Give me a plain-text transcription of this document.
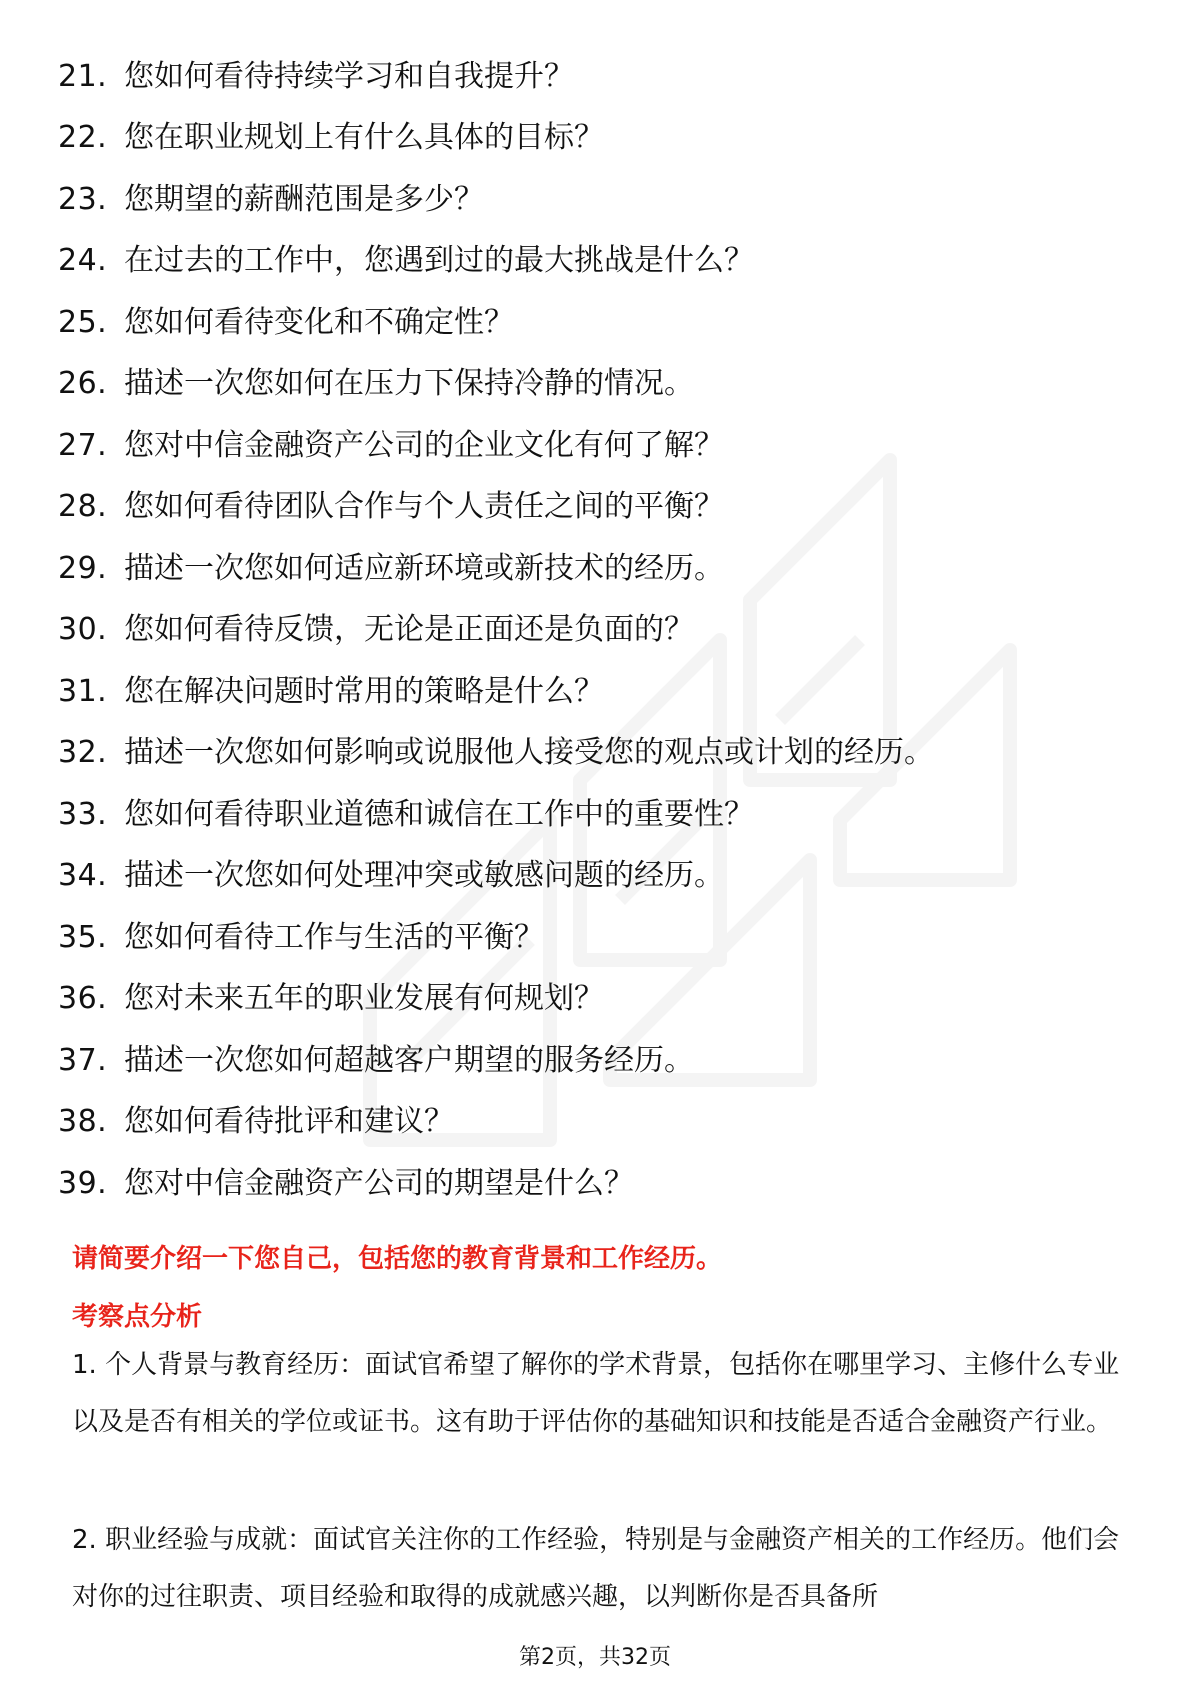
21. 您如何看待持续学习和自我提升？
22. 您在职业规划上有什么具体的目标？
23. 您期望的薪酬范围是多少？
24. 在过去的工作中，您遇到过的最大挑战是什么？
25. 您如何看待变化和不确定性？
26. 描述一次您如何在压力下保持冷静的情况。
27. 您对中信金融资产公司的企业文化有何了解？
28. 您如何看待团队合作与个人责任之间的平衡？
29. 描述一次您如何适应新环境或新技术的经历。
30. 您如何看待反馈，无论是正面还是负面的？
31. 您在解决问题时常用的策略是什么？
32. 描述一次您如何影响或说服他人接受您的观点或计划的经历。
33. 您如何看待职业道德和诚信在工作中的重要性？
34. 描述一次您如何处理冲突或敏感问题的经历。
35. 您如何看待工作与生活的平衡？
36. 您对未来五年的职业发展有何规划？
37. 描述一次您如何超越客户期望的服务经历。
38. 您如何看待批评和建议？
39. 您对中信金融资产公司的期望是什么？
请简要介绍一下您自己，包括您的教育背景和工作经历。
考察点分析

1. 个人背景与教育经历：面试官希望了解你的学术背景，包括你在哪里学习、主修什么专业以及是否有相关的学位或证书。这有助于评估你的基础知识和技能是否适合金融资产行业。

2. 职业经验与成就：面试官关注你的工作经验，特别是与金融资产相关的工作经历。他们会对你的过往职责、项目经验和取得的成就感兴趣，以判断你是否具备所

第2页，共32页
